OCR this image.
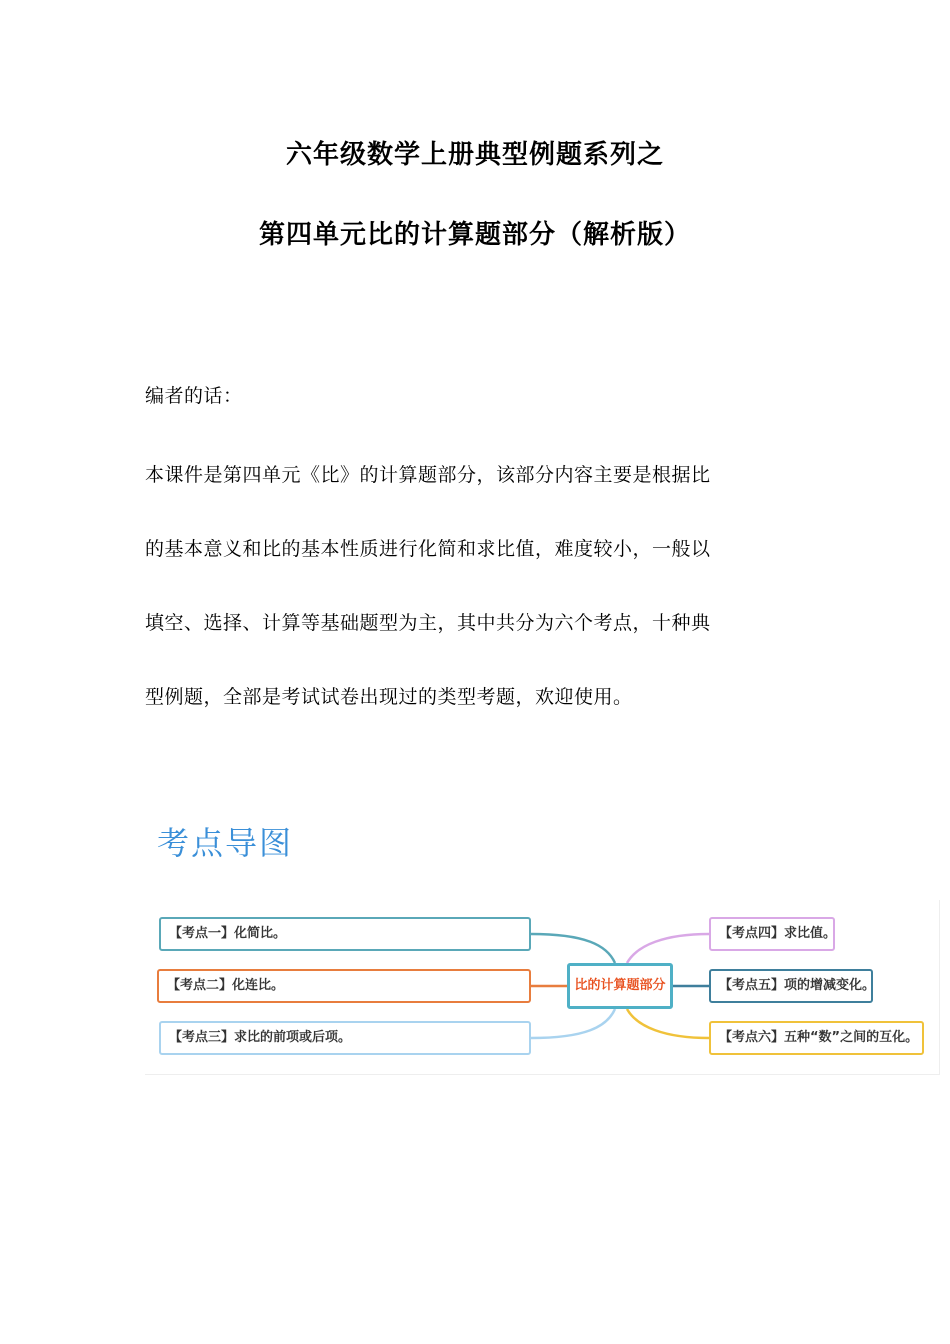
六年级数学上册典型例题系列之
第四单元比的计算题部分（解析版）
编者的话：
本课件是第四单元《比》的计算题部分，该部分内容主要是根据比
的基本意义和比的基本性质进行化简和求比值，难度较小，一般以
填空、选择、计算等基础题型为主，其中共分为六个考点，十种典
型例题，全部是考试试卷出现过的类型考题，欢迎使用。
考点导图
【考点一】化简比。
【考点二】化连比。
【考点三】求比的前项或后项。
比的计算题部分
【考点四】求比值。
【考点五】项的增减变化。
【考点六】五种“数”之间的互化。
